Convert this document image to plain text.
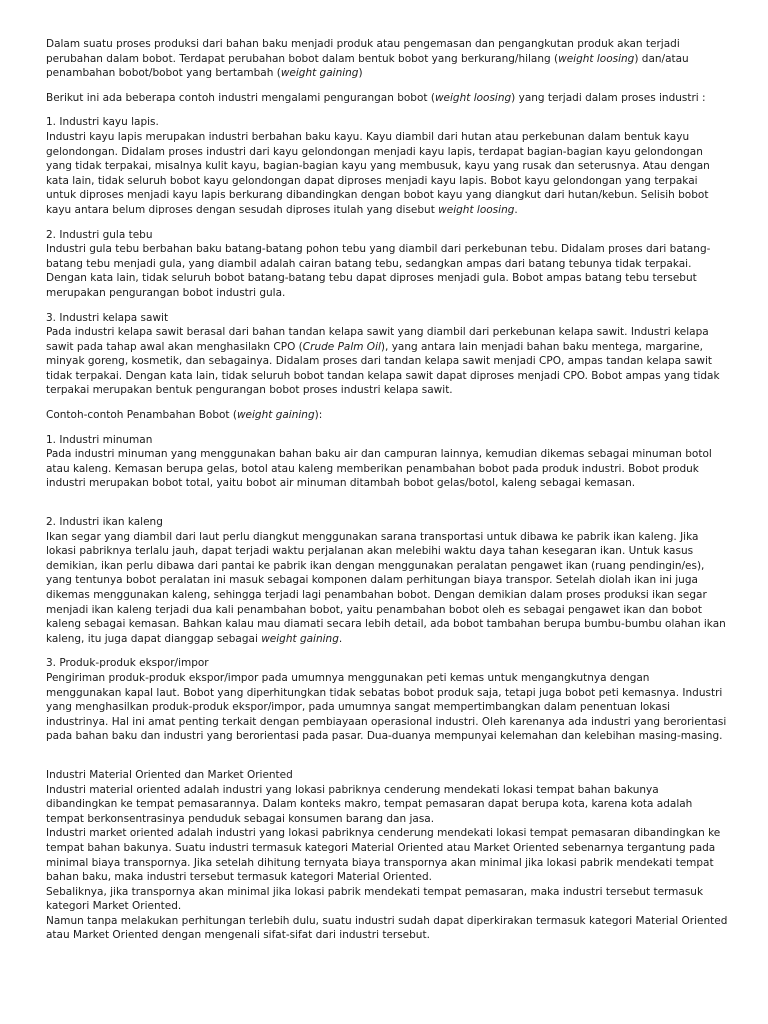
Dalam suatu proses produksi dari bahan baku menjadi produk atau pengemasan dan pengangkutan produk akan terjadi perubahan dalam bobot. Terdapat perubahan bobot dalam bentuk bobot yang berkurang/hilang (weight loosing) dan/atau penambahan bobot/bobot yang bertambah (weight gaining)

Berikut ini ada beberapa contoh industri mengalami pengurangan bobot (weight loosing) yang terjadi dalam proses industri :

1. Industri kayu lapis.

Industri kayu lapis merupakan industri berbahan baku kayu. Kayu diambil dari hutan atau perkebunan dalam bentuk kayu gelondongan. Didalam proses industri dari kayu gelondongan menjadi kayu lapis, terdapat bagian-bagian kayu gelondongan yang tidak terpakai, misalnya kulit kayu, bagian-bagian kayu yang membusuk, kayu yang rusak dan seterusnya. Atau dengan kata lain, tidak seluruh bobot kayu gelondongan dapat diproses menjadi kayu lapis. Bobot kayu gelondongan yang terpakai untuk diproses menjadi kayu lapis berkurang dibandingkan dengan bobot kayu yang diangkut dari hutan/kebun. Selisih bobot kayu antara belum diproses dengan sesudah diproses itulah yang disebut weight loosing.

2. Industri gula tebu

Industri gula tebu berbahan baku batang-batang pohon tebu yang diambil dari perkebunan tebu. Didalam proses dari batang-batang tebu menjadi gula, yang diambil adalah cairan batang tebu, sedangkan ampas dari batang tebunya tidak terpakai. Dengan kata lain, tidak seluruh bobot batang-batang tebu dapat diproses menjadi gula. Bobot ampas batang tebu tersebut merupakan pengurangan bobot industri gula.

3. Industri kelapa sawit

Pada industri kelapa sawit berasal dari bahan tandan kelapa sawit yang diambil dari perkebunan kelapa sawit. Industri kelapa sawit pada tahap awal akan menghasilakn CPO (Crude Palm Oil), yang antara lain menjadi bahan baku mentega, margarine, minyak goreng, kosmetik, dan sebagainya. Didalam proses dari tandan kelapa sawit menjadi CPO, ampas tandan kelapa sawit tidak terpakai. Dengan kata lain, tidak seluruh bobot tandan kelapa sawit dapat diproses menjadi CPO. Bobot ampas yang tidak terpakai merupakan bentuk pengurangan bobot proses industri kelapa sawit.

Contoh-contoh Penambahan Bobot (weight gaining):

1. Industri minuman

Pada industri minuman yang menggunakan bahan baku air dan campuran lainnya, kemudian dikemas sebagai minuman botol atau kaleng. Kemasan berupa gelas, botol atau kaleng memberikan penambahan bobot pada produk industri. Bobot produk industri merupakan bobot total, yaitu bobot air minuman ditambah bobot gelas/botol, kaleng sebagai kemasan.

2. Industri ikan kaleng

Ikan segar yang diambil dari laut perlu diangkut menggunakan sarana transportasi untuk dibawa ke pabrik ikan kaleng. Jika lokasi pabriknya terlalu jauh, dapat terjadi waktu perjalanan akan melebihi waktu daya tahan kesegaran ikan. Untuk kasus demikian, ikan perlu dibawa dari pantai ke pabrik ikan dengan menggunakan peralatan pengawet ikan (ruang pendingin/es), yang tentunya bobot peralatan ini masuk sebagai komponen dalam perhitungan biaya transpor. Setelah diolah ikan ini juga dikemas menggunakan kaleng, sehingga terjadi lagi penambahan bobot. Dengan demikian dalam proses produksi ikan segar menjadi ikan kaleng terjadi dua kali penambahan bobot, yaitu penambahan bobot oleh es sebagai pengawet ikan dan bobot kaleng sebagai kemasan. Bahkan kalau mau diamati secara lebih detail, ada bobot tambahan berupa bumbu-bumbu olahan ikan kaleng, itu juga dapat dianggap sebagai weight gaining.

3. Produk-produk ekspor/impor

Pengiriman produk-produk ekspor/impor pada umumnya menggunakan peti kemas untuk mengangkutnya dengan menggunakan kapal laut. Bobot yang diperhitungkan tidak sebatas bobot produk saja, tetapi juga bobot peti kemasnya. Industri yang menghasilkan produk-produk ekspor/impor, pada umumnya sangat mempertimbangkan dalam penentuan lokasi industrinya. Hal ini amat penting terkait dengan pembiayaan operasional industri. Oleh karenanya ada industri yang berorientasi pada bahan baku dan industri yang berorientasi pada pasar. Dua-duanya mempunyai kelemahan dan kelebihan masing-masing.

Industri Material Oriented dan Market Oriented

Industri material oriented adalah industri yang lokasi pabriknya cenderung mendekati lokasi tempat bahan bakunya dibandingkan ke tempat pemasarannya. Dalam konteks makro, tempat pemasaran dapat berupa kota, karena kota adalah tempat berkonsentrasinya penduduk sebagai konsumen barang dan jasa.

Industri market oriented adalah industri yang lokasi pabriknya cenderung mendekati lokasi tempat pemasaran dibandingkan ke tempat bahan bakunya. Suatu industri termasuk kategori Material Oriented atau Market Oriented sebenarnya tergantung pada minimal biaya transpornya. Jika setelah dihitung ternyata biaya transpornya akan minimal jika lokasi pabrik mendekati tempat bahan baku, maka industri tersebut termasuk kategori Material Oriented.

Sebaliknya, jika transpornya akan minimal jika lokasi pabrik mendekati tempat pemasaran, maka industri tersebut termasuk kategori Market Oriented.

Namun tanpa melakukan perhitungan terlebih dulu, suatu industri sudah dapat diperkirakan termasuk kategori Material Oriented atau Market Oriented dengan mengenali sifat-sifat dari industri tersebut.
